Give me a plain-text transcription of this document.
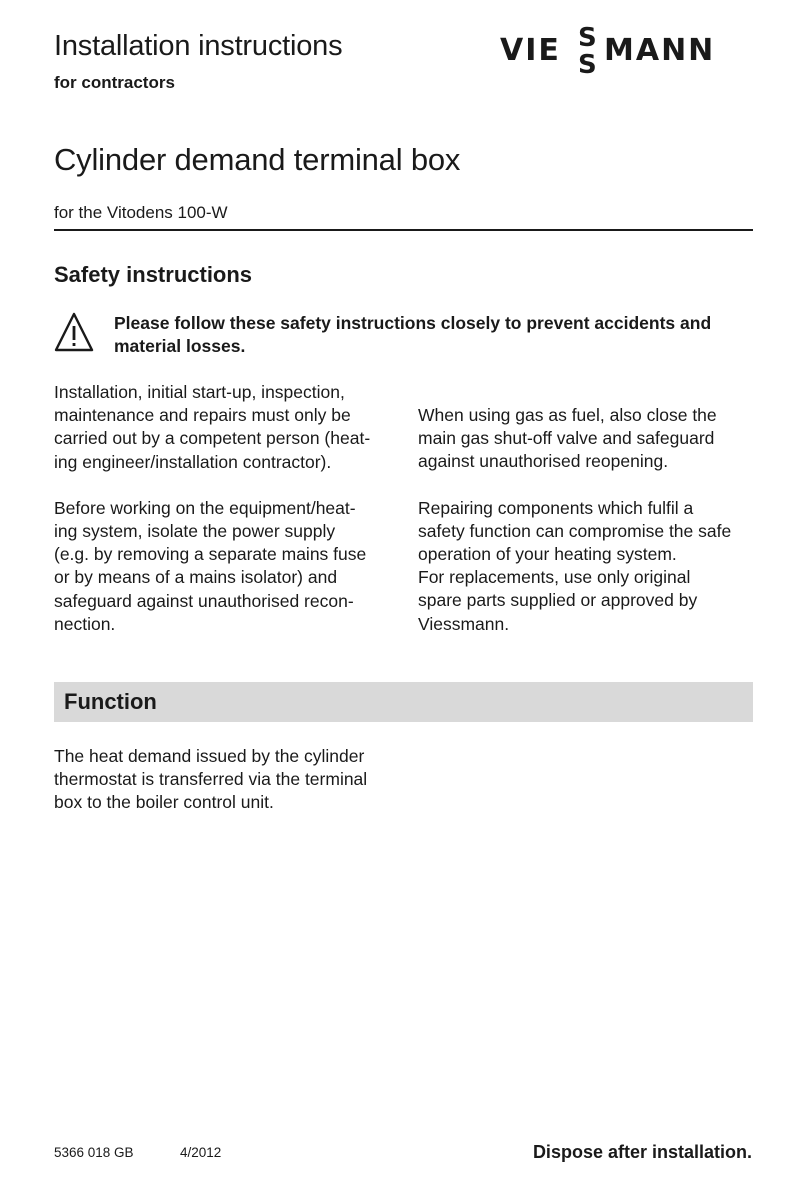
Installation instructions
for contractors
VIE S
S MANN
Cylinder demand terminal box
for the Vitodens 100-W
Safety instructions
Please follow these safety instructions closely to prevent accidents and material losses.

Installation, initial start-up, inspection,
maintenance and repairs must only be
carried out by a competent person (heat-
ing engineer/installation contractor).

Before working on the equipment/heat-
ing system, isolate the power supply
(e.g. by removing a separate mains fuse
or by means of a mains isolator) and
safeguard against unauthorised recon-
nection.

When using gas as fuel, also close the
main gas shut-off valve and safeguard
against unauthorised reopening.

Repairing components which fulfil a
safety function can compromise the safe
operation of your heating system.
For replacements, use only original
spare parts supplied or approved by
Viessmann.

Function

The heat demand issued by the cylinder
thermostat is transferred via the terminal
box to the boiler control unit.

5366 018 GB	4/2012	Dispose after installation.
